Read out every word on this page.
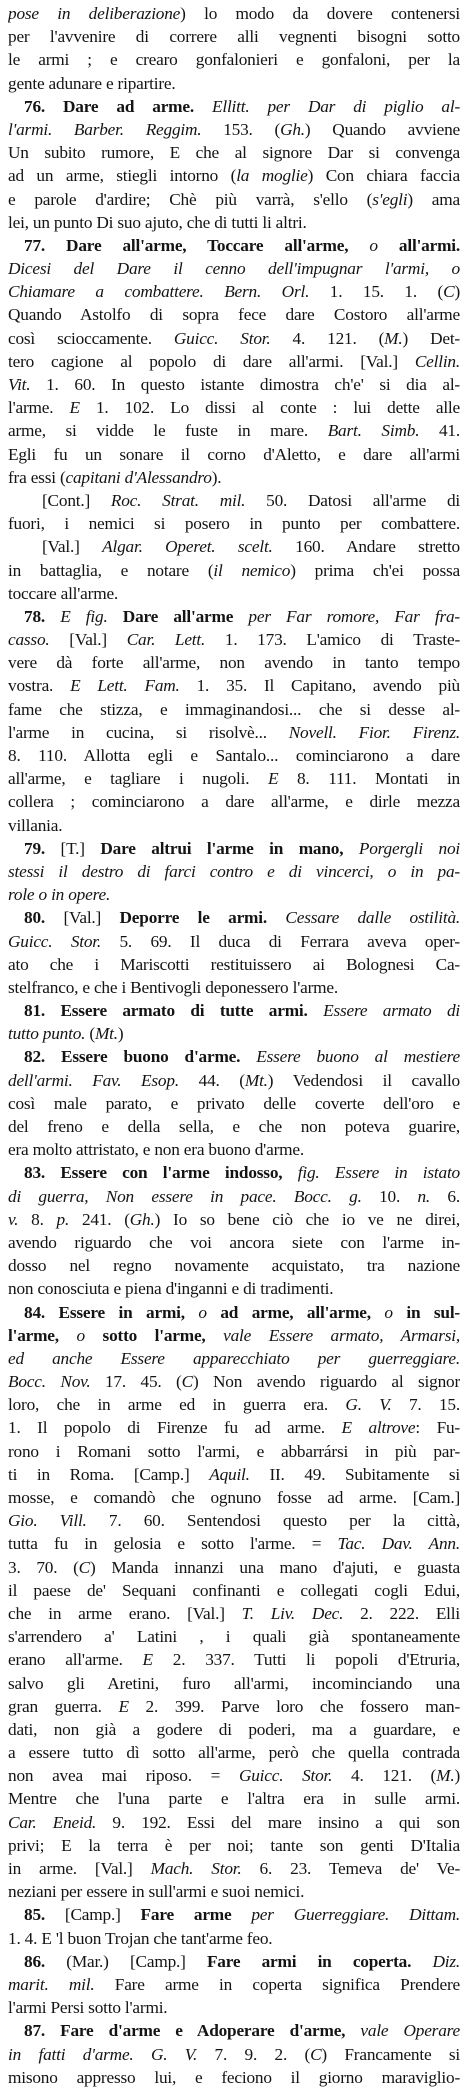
pose in deliberazione) lo modo da dovere contenersi
per l'avvenire di correre alli vegnenti bisogni sotto
le armi ; e crearo gonfalonieri e gonfaloni, per la
gente adunare e ripartire.
76. Dare ad arme. Ellitt. per Dar di piglio al-
l'armi. Barber. Reggim. 153. (Gh.) Quando avviene
Un subito rumore, E che al signore Dar si convenga
ad un arme, stiegli intorno (la moglie) Con chiara faccia
e parole d'ardire; Chè più varrà, s'ello (s'egli) ama
lei, un punto Di suo ajuto, che di tutti li altri.
77. Dare all'arme, Toccare all'arme, o all'armi.
Dicesi del Dare il cenno dell'impugnar l'armi, o
Chiamare a combattere. Bern. Orl. 1. 15. 1. (C)
Quando Astolfo di sopra fece dare Costoro all'arme
così scioccamente. Guicc. Stor. 4. 121. (M.) Det-
tero cagione al popolo di dare all'armi. [Val.] Cellin.
Vit. 1. 60. In questo istante dimostra ch'e' si dia al-
l'arme. E 1. 102. Lo dissi al conte : lui dette alle
arme, si vidde le fuste in mare. Bart. Simb. 41.
Egli fu un sonare il corno d'Aletto, e dare all'armi
fra essi (capitani d'Alessandro).
[Cont.] Roc. Strat. mil. 50. Datosi all'arme di
fuori, i nemici si posero in punto per combattere.
[Val.] Algar. Operet. scelt. 160. Andare stretto
in battaglia, e notare (il nemico) prima ch'ei possa
toccare all'arme.
78. E fig. Dare all'arme per Far romore, Far fra-
casso. [Val.] Car. Lett. 1. 173. L'amico di Traste-
vere dà forte all'arme, non avendo in tanto tempo
vostra. E Lett. Fam. 1. 35. Il Capitano, avendo più
fame che stizza, e immaginandosi... che si desse al-
l'arme in cucina, si risolvè... Novell. Fior. Firenz.
8. 110. Allotta egli e Santalo... cominciarono a dare
all'arme, e tagliare i nugoli. E 8. 111. Montati in
collera ; cominciarono a dare all'arme, e dirle mezza
villania.
79. [T.] Dare altrui l'arme in mano, Porgergli noi
stessi il destro di farci contro e di vincerci, o in pa-
role o in opere.
80. [Val.] Deporre le armi. Cessare dalle ostilità.
Guicc. Stor. 5. 69. Il duca di Ferrara aveva oper-
ato che i Mariscotti restituissero ai Bolognesi Ca-
stelfranco, e che i Bentivogli deponessero l'arme.
81. Essere armato di tutte armi. Essere armato di
tutto punto. (Mt.)
82. Essere buono d'arme. Essere buono al mestiere
dell'armi. Fav. Esop. 44. (Mt.) Vedendosi il cavallo
così male parato, e privato delle coverte dell'oro e
del freno e della sella, e che non poteva guarire,
era molto attristato, e non era buono d'arme.
83. Essere con l'arme indosso, fig. Essere in istato
di guerra, Non essere in pace. Bocc. g. 10. n. 6.
v. 8. p. 241. (Gh.) Io so bene ciò che io ve ne direi,
avendo riguardo che voi ancora siete con l'arme in-
dosso nel regno novamente acquistato, tra nazione
non conosciuta e piena d'inganni e di tradimenti.
84. Essere in armi, o ad arme, all'arme, o in sul-
l'arme, o sotto l'arme, vale Essere armato, Armarsi,
ed anche Essere apparecchiato per guerreggiare.
Bocc. Nov. 17. 45. (C) Non avendo riguardo al signor
loro, che in arme ed in guerra era. G. V. 7. 15.
1. Il popolo di Firenze fu ad arme. E altrove: Fu-
rono i Romani sotto l'armi, e abbarrársi in più par-
ti in Roma. [Camp.] Aquil. II. 49. Subitamente si
mosse, e comandò che ognuno fosse ad arme. [Cam.]
Gio. Vill. 7. 60. Sentendosi questo per la città,
tutta fu in gelosia e sotto l'arme. = Tac. Dav. Ann.
3. 70. (C) Manda innanzi una mano d'ajuti, e guasta
il paese de' Sequani confinanti e collegati cogli Edui,
che in arme erano. [Val.] T. Liv. Dec. 2. 222. Elli
s'arrendero a' Latini , i quali già spontaneamente
erano all'arme. E 2. 337. Tutti li popoli d'Etruria,
salvo gli Aretini, furo all'armi, incominciando una
gran guerra. E 2. 399. Parve loro che fossero man-
dati, non già a godere di poderi, ma a guardare, e
a essere tutto dì sotto all'arme, però che quella contrada
non avea mai riposo. = Guicc. Stor. 4. 121. (M.)
Mentre che l'una parte e l'altra era in sulle armi.
Car. Eneid. 9. 192. Essi del mare insino a qui son
privi; E la terra è per noi; tante son genti D'Italia
in arme. [Val.] Mach. Stor. 6. 23. Temeva de' Ve-
neziani per essere in sull'armi e suoi nemici.
85. [Camp.] Fare arme per Guerreggiare. Dittam.
1. 4. E 'l buon Trojan che tant'arme feo.
86. (Mar.) [Camp.] Fare armi in coperta. Diz.
marit. mil. Fare arme in coperta significa Prendere
l'armi Persi sotto l'armi.
87. Fare d'arme e Adoperare d'arme, vale Operare
in fatti d'arme. G. V. 7. 9. 2. (C) Francamente si
misono appresso lui, e feciono il giorno maraviglio-
